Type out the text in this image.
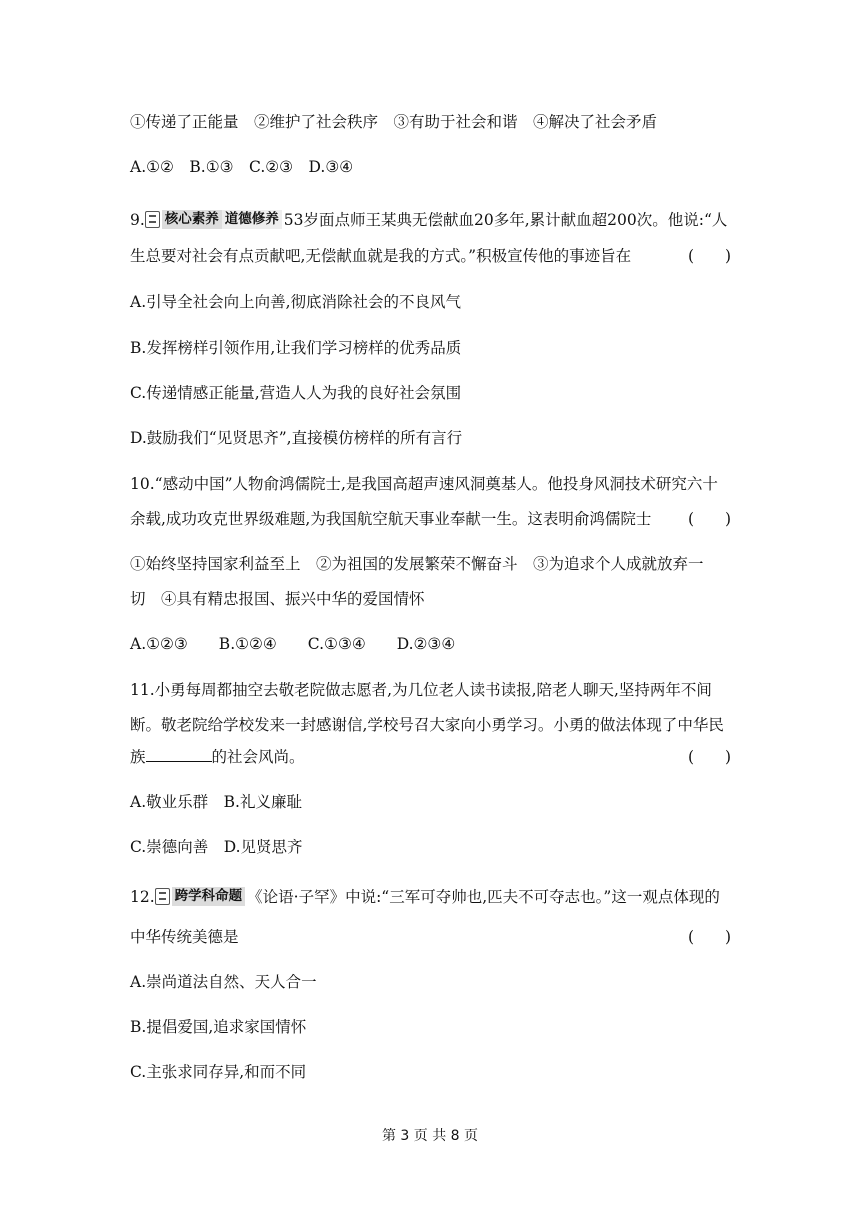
①传递了正能量　②维护了社会秩序　③有助于社会和谐　④解决了社会矛盾
A.①②　B.①③　C.②③　D.③④
9. 核心素养 道德修养 53岁面点师王某典无偿献血20多年,累计献血超200次。他说:“人
生总要对社会有点贡献吧,无偿献血就是我的方式。”积极宣传他的事迹旨在	(　　)
A.引导全社会向上向善,彻底消除社会的不良风气
B.发挥榜样引领作用,让我们学习榜样的优秀品质
C.传递情感正能量,营造人人为我的良好社会氛围
D.鼓励我们“见贤思齐”,直接模仿榜样的所有言行
10.“感动中国”人物俞鸿儒院士,是我国高超声速风洞奠基人。他投身风洞技术研究六十
余载,成功攻克世界级难题,为我国航空航天事业奉献一生。这表明俞鸿儒院士 (　　)
①始终坚持国家利益至上　②为祖国的发展繁荣不懈奋斗　③为追求个人成就放弃一
切　④具有精忠报国、振兴中华的爱国情怀
A.①②③　　B.①②④　　C.①③④　　D.②③④
11.小勇每周都抽空去敬老院做志愿者,为几位老人读书读报,陪老人聊天,坚持两年不间
断。敬老院给学校发来一封感谢信,学校号召大家向小勇学习。小勇的做法体现了中华民
族	的社会风尚。	(　　)
A.敬业乐群　B.礼义廉耻
C.崇德向善　D.见贤思齐
12. 跨学科命题 《论语·子罕》中说:“三军可夺帅也,匹夫不可夺志也。”这一观点体现的
中华传统美德是	(　　)
A.崇尚道法自然、天人合一
B.提倡爱国,追求家国情怀
C.主张求同存异,和而不同
第 3 页 共 8 页
